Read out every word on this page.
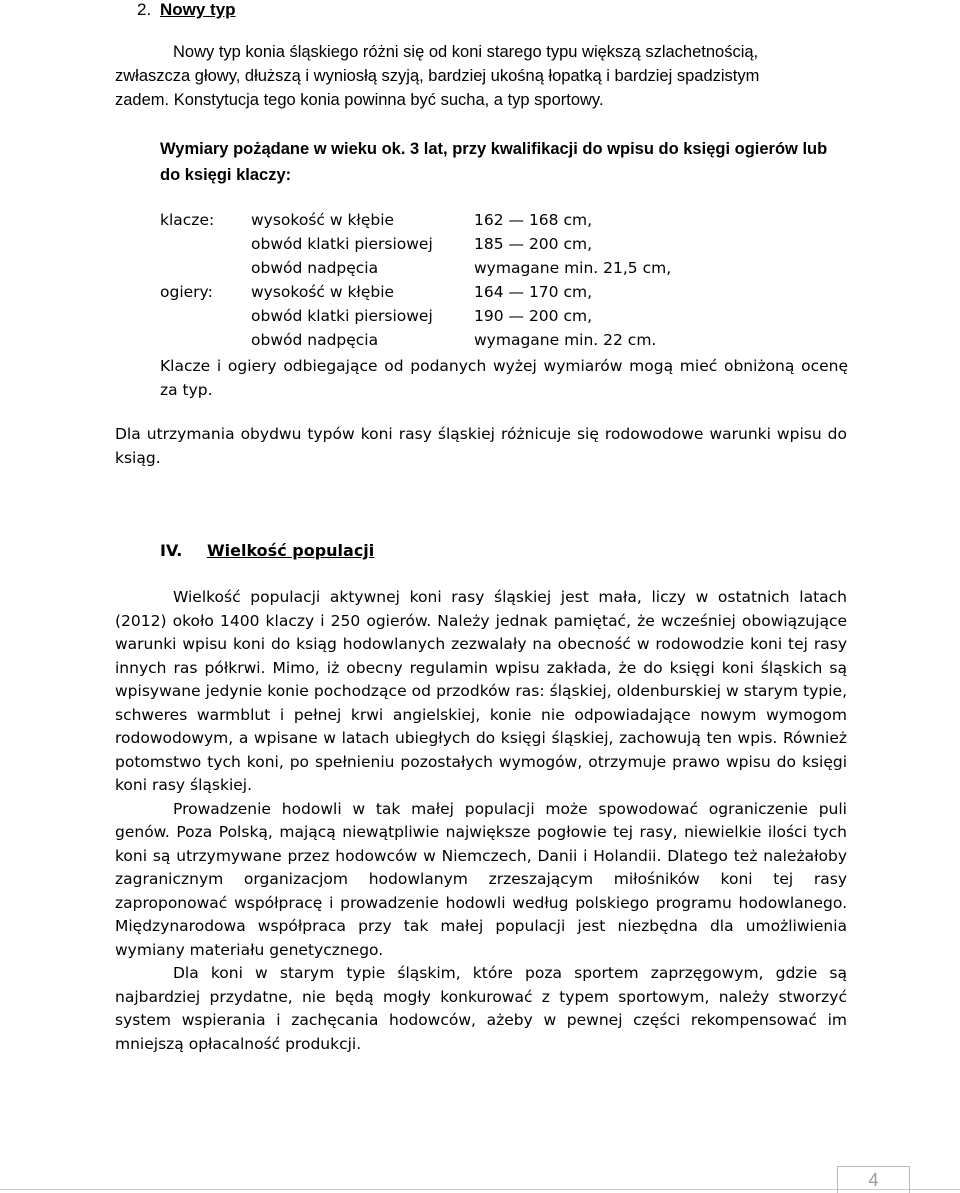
2. Nowy typ
Nowy typ konia śląskiego różni się od koni starego typu większą szlachetnością,
zwłaszcza głowy, dłuższą i wyniosłą szyją, bardziej ukośną łopatką i bardziej spadzistym
zadem. Konstytucja tego konia powinna być sucha, a typ sportowy.
Wymiary pożądane w wieku ok. 3 lat, przy kwalifikacji do wpisu do księgi ogierów lub do księgi klaczy:
klacze:	wysokość w kłębie	162 — 168 cm,
	obwód klatki piersiowej	185 — 200 cm,
	obwód nadpęcia	wymagane min. 21,5 cm,
ogiery:	wysokość w kłębie	164 — 170 cm,
	obwód klatki piersiowej	190 — 200 cm,
	obwód nadpęcia	wymagane min. 22 cm.
Klacze i ogiery odbiegające od podanych wyżej wymiarów mogą mieć obniżoną ocenę za typ.
Dla utrzymania obydwu typów koni rasy śląskiej różnicuje się rodowodowe warunki wpisu do ksiąg.
IV. Wielkość populacji

Wielkość populacji aktywnej koni rasy śląskiej jest mała, liczy w ostatnich latach (2012) około 1400 klaczy i 250 ogierów. Należy jednak pamiętać, że wcześniej obowiązujące warunki wpisu koni do ksiąg hodowlanych zezwalały na obecność w rodowodzie koni tej rasy innych ras półkrwi. Mimo, iż obecny regulamin wpisu zakłada, że do księgi koni śląskich są wpisywane jedynie konie pochodzące od przodków ras: śląskiej, oldenburskiej w starym typie, schweres warmblut i pełnej krwi angielskiej, konie nie odpowiadające nowym wymogom rodowodowym, a wpisane w latach ubiegłych do księgi śląskiej, zachowują ten wpis. Również potomstwo tych koni, po spełnieniu pozostałych wymogów, otrzymuje prawo wpisu do księgi koni rasy śląskiej.

Prowadzenie hodowli w tak małej populacji może spowodować ograniczenie puli genów. Poza Polską, mającą niewątpliwie największe pogłowie tej rasy, niewielkie ilości tych koni są utrzymywane przez hodowców w Niemczech, Danii i Holandii. Dlatego też należałoby zagranicznym organizacjom hodowlanym zrzeszającym miłośników koni tej rasy zaproponować współpracę i prowadzenie hodowli według polskiego programu hodowlanego. Międzynarodowa współpraca przy tak małej populacji jest niezbędna dla umożliwienia wymiany materiału genetycznego.

Dla koni w starym typie śląskim, które poza sportem zaprzęgowym, gdzie są najbardziej przydatne, nie będą mogły konkurować z typem sportowym, należy stworzyć system wspierania i zachęcania hodowców, ażeby w pewnej części rekompensować im mniejszą opłacalność produkcji.

4
